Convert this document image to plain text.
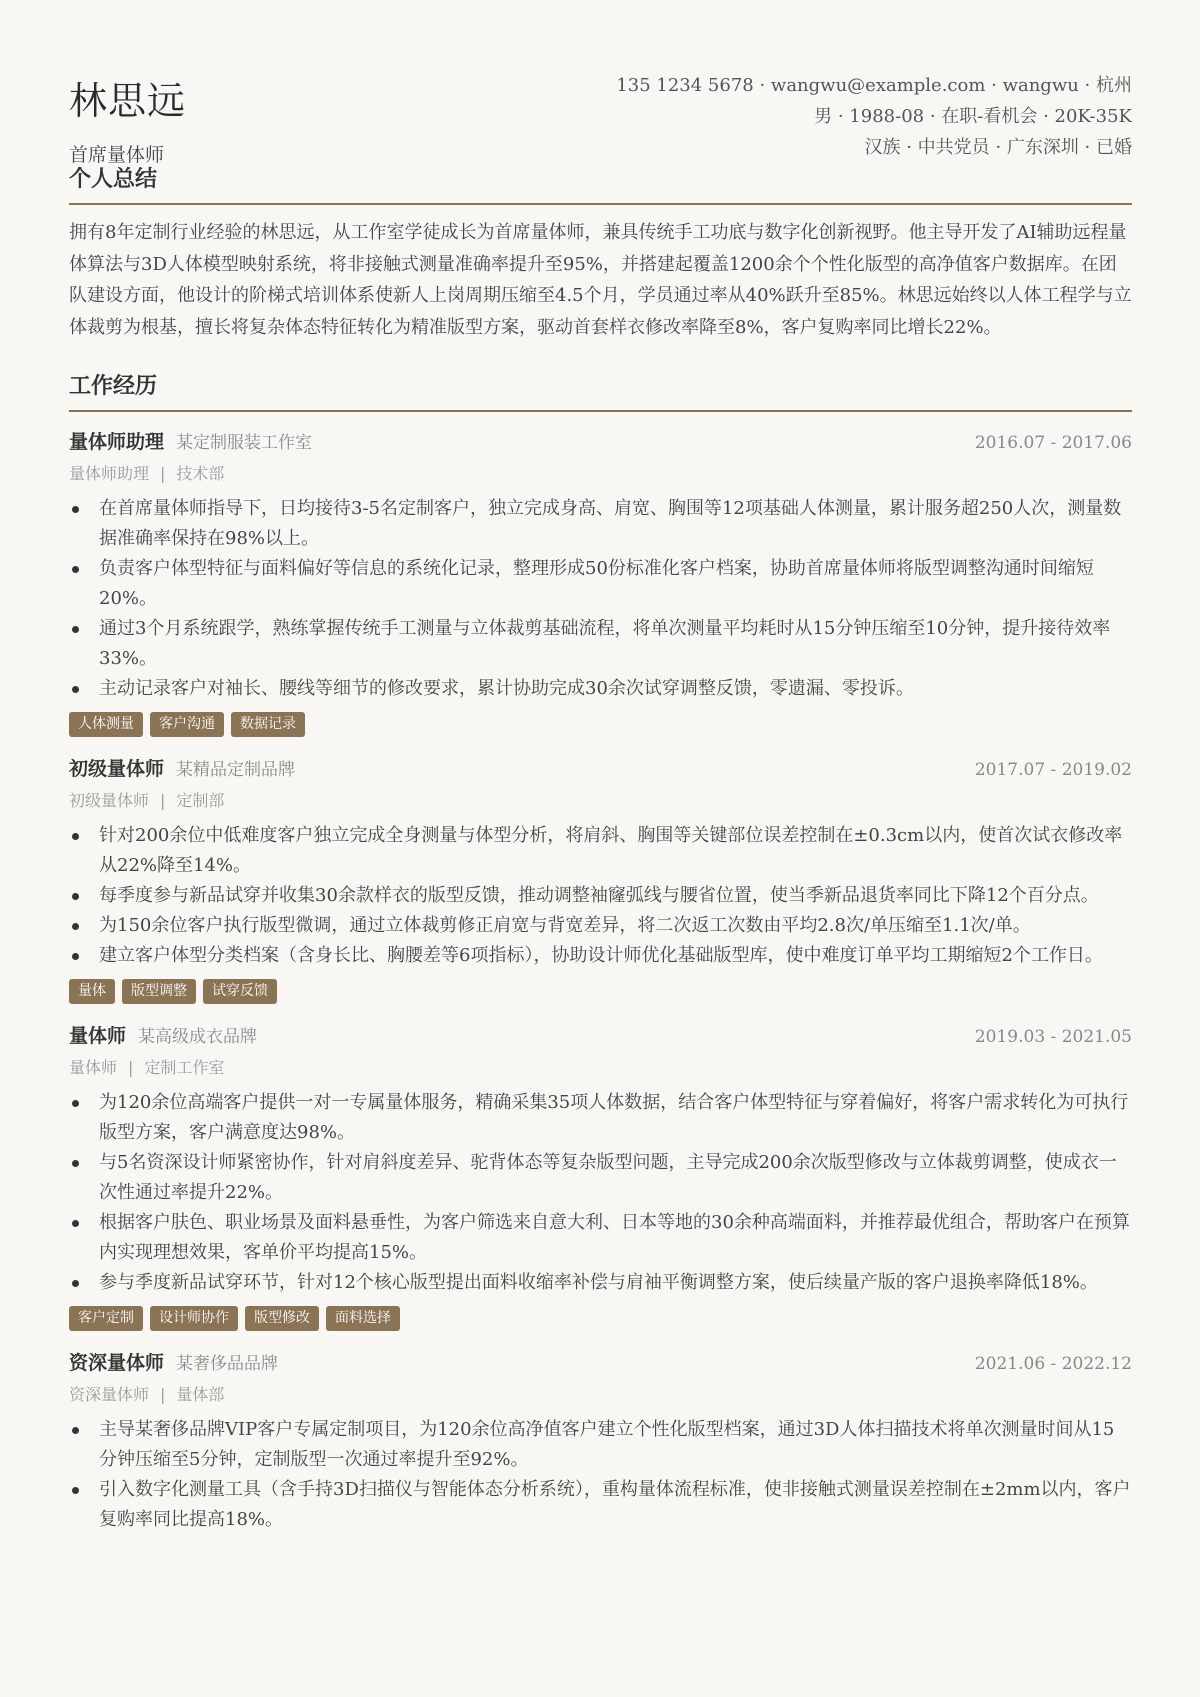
林思远
首席量体师
135 1234 5678 · wangwu@example.com · wangwu · 杭州
男 · 1988-08 · 在职-看机会 · 20K-35K
汉族 · 中共党员 · 广东深圳 · 已婚
个人总结

拥有8年定制行业经验的林思远，从工作室学徒成长为首席量体师，兼具传统手工功底与数字化创新视野。他主导开发了AI辅助远程量体算法与3D人体模型映射系统，将非接触式测量准确率提升至95%，并搭建起覆盖1200余个个性化版型的高净值客户数据库。在团队建设方面，他设计的阶梯式培训体系使新人上岗周期压缩至4.5个月，学员通过率从40%跃升至85%。林思远始终以人体工程学与立体裁剪为根基，擅长将复杂体态特征转化为精准版型方案，驱动首套样衣修改率降至8%，客户复购率同比增长22%。

工作经历
量体师助理 某定制服装工作室	2016.07 - 2017.06
量体师助理 | 技术部
在首席量体师指导下，日均接待3-5名定制客户，独立完成身高、肩宽、胸围等12项基础人体测量，累计服务超250人次，测量数据准确率保持在98%以上。
负责客户体型特征与面料偏好等信息的系统化记录，整理形成50份标准化客户档案，协助首席量体师将版型调整沟通时间缩短20%。
通过3个月系统跟学，熟练掌握传统手工测量与立体裁剪基础流程，将单次测量平均耗时从15分钟压缩至10分钟，提升接待效率33%。
主动记录客户对袖长、腰线等细节的修改要求，累计协助完成30余次试穿调整反馈，零遗漏、零投诉。
人体测量	客户沟通	数据记录
初级量体师 某精品定制品牌	2017.07 - 2019.02
初级量体师 | 定制部
针对200余位中低难度客户独立完成全身测量与体型分析，将肩斜、胸围等关键部位误差控制在±0.3cm以内，使首次试衣修改率从22%降至14%。
每季度参与新品试穿并收集30余款样衣的版型反馈，推动调整袖窿弧线与腰省位置，使当季新品退货率同比下降12个百分点。
为150余位客户执行版型微调，通过立体裁剪修正肩宽与背宽差异，将二次返工次数由平均2.8次/单压缩至1.1次/单。
建立客户体型分类档案（含身长比、胸腰差等6项指标），协助设计师优化基础版型库，使中难度订单平均工期缩短2个工作日。
量体	版型调整	试穿反馈
量体师 某高级成衣品牌	2019.03 - 2021.05
量体师 | 定制工作室
为120余位高端客户提供一对一专属量体服务，精确采集35项人体数据，结合客户体型特征与穿着偏好，将客户需求转化为可执行版型方案，客户满意度达98%。
与5名资深设计师紧密协作，针对肩斜度差异、驼背体态等复杂版型问题，主导完成200余次版型修改与立体裁剪调整，使成衣一次性通过率提升22%。
根据客户肤色、职业场景及面料悬垂性，为客户筛选来自意大利、日本等地的30余种高端面料，并推荐最优组合，帮助客户在预算内实现理想效果，客单价平均提高15%。
参与季度新品试穿环节，针对12个核心版型提出面料收缩率补偿与肩袖平衡调整方案，使后续量产版的客户退换率降低18%。
客户定制	设计师协作	版型修改	面料选择
资深量体师 某奢侈品品牌	2021.06 - 2022.12
资深量体师 | 量体部
主导某奢侈品牌VIP客户专属定制项目，为120余位高净值客户建立个性化版型档案，通过3D人体扫描技术将单次测量时间从15分钟压缩至5分钟，定制版型一次通过率提升至92%。
引入数字化测量工具（含手持3D扫描仪与智能体态分析系统），重构量体流程标准，使非接触式测量误差控制在±2mm以内，客户复购率同比提高18%。
